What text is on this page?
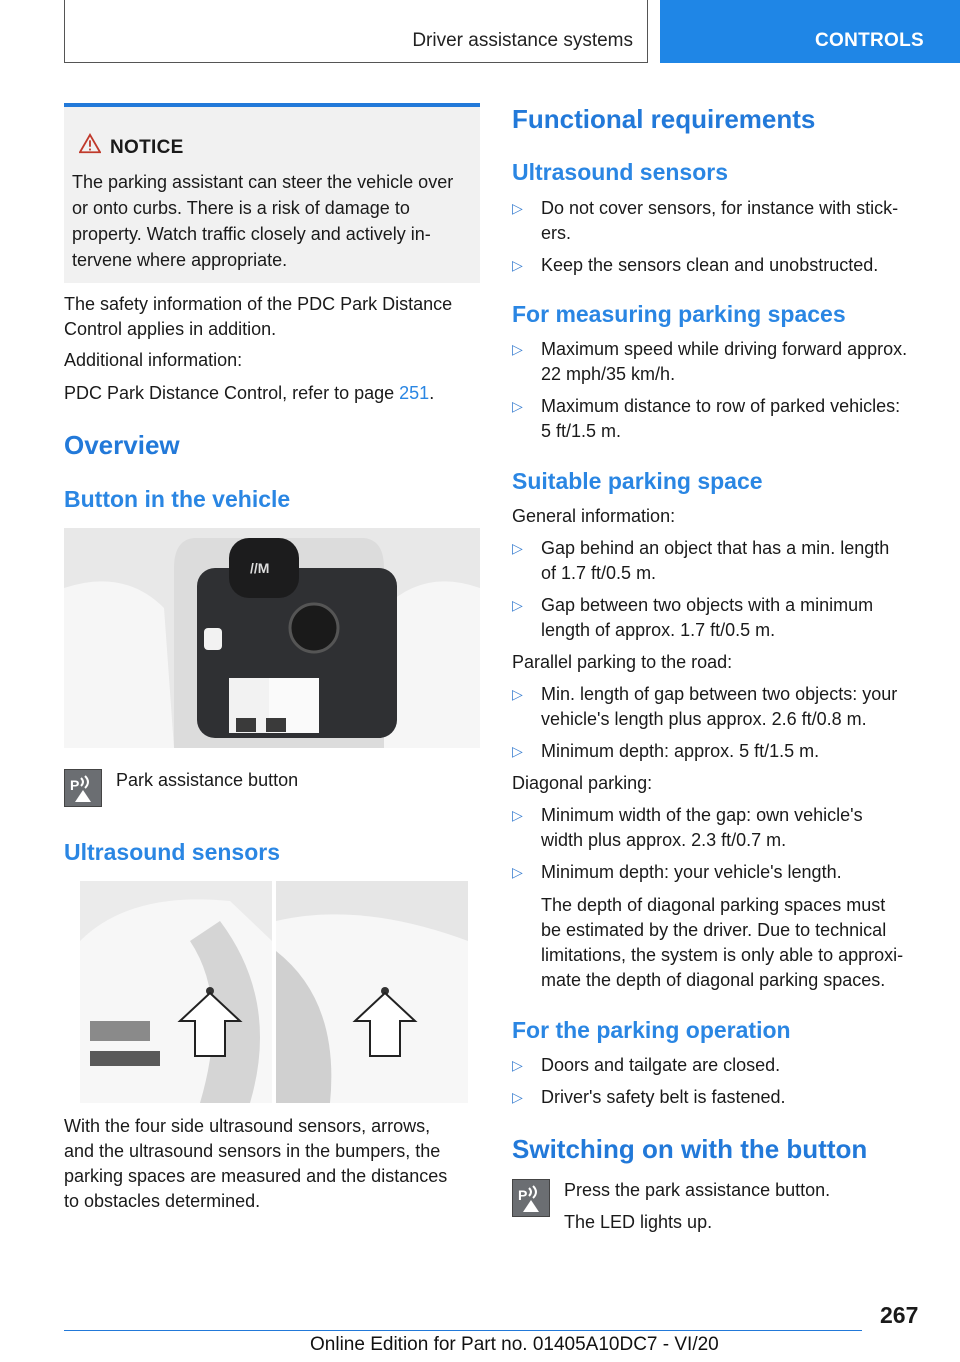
Driver assistance systems	CONTROLS
NOTICE
The parking assistant can steer the vehicle over
or onto curbs. There is a risk of damage to
property. Watch traffic closely and actively in‐
tervene where appropriate.
The safety information of the PDC Park Distance
Control applies in addition.
Additional information:
PDC Park Distance Control, refer to page 251.
Overview
Button in the vehicle
//M
P Park assistance button
Ultrasound sensors
With the four side ultrasound sensors, arrows,
and the ultrasound sensors in the bumpers, the
parking spaces are measured and the distances
to obstacles determined.
Functional requirements
Ultrasound sensors
▷ Do not cover sensors, for instance with stick‐
ers.
▷ Keep the sensors clean and unobstructed.
For measuring parking spaces
▷ Maximum speed while driving forward approx.
22 mph/35 km/h.
▷ Maximum distance to row of parked vehicles:
5 ft/1.5 m.
Suitable parking space
General information:
▷ Gap behind an object that has a min. length
of 1.7 ft/0.5 m.
▷ Gap between two objects with a minimum
length of approx. 1.7 ft/0.5 m.
Parallel parking to the road:
▷ Min. length of gap between two objects: your
vehicle's length plus approx. 2.6 ft/0.8 m.
▷ Minimum depth: approx. 5 ft/1.5 m.
Diagonal parking:
▷ Minimum width of the gap: own vehicle's
width plus approx. 2.3 ft/0.7 m.
▷ Minimum depth: your vehicle's length.
The depth of diagonal parking spaces must
be estimated by the driver. Due to technical
limitations, the system is only able to approxi‐
mate the depth of diagonal parking spaces.
For the parking operation
▷ Doors and tailgate are closed.
▷ Driver's safety belt is fastened.
Switching on with the button
P Press the park assistance button.
The LED lights up.
267
Online Edition for Part no. 01405A10DC7 - VI/20
